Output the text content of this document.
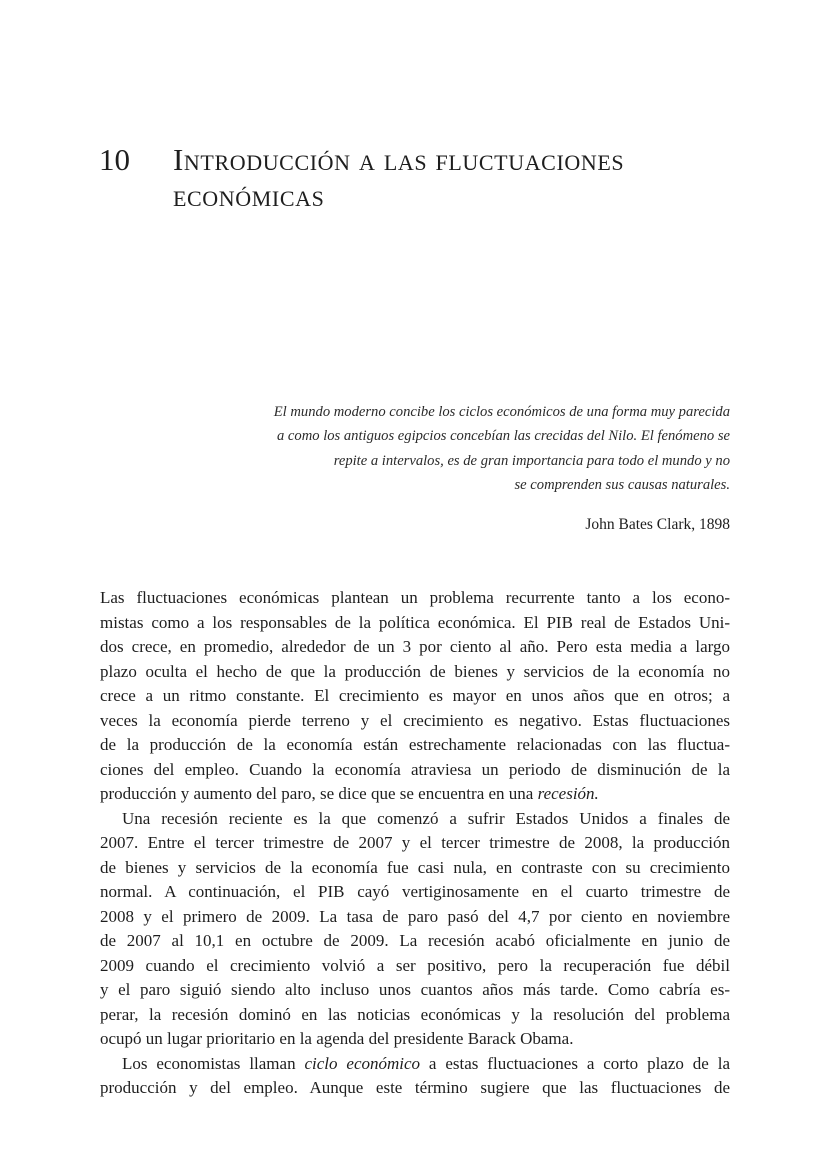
10 Introducción a las fluctuaciones
económicas
El mundo moderno concibe los ciclos económicos de una forma muy parecida
a como los antiguos egipcios concebían las crecidas del Nilo. El fenómeno se
repite a intervalos, es de gran importancia para todo el mundo y no
se comprenden sus causas naturales.
John Bates Clark, 1898
Las fluctuaciones económicas plantean un problema recurrente tanto a los econo-
mistas como a los responsables de la política económica. El PIB real de Estados Uni-
dos crece, en promedio, alrededor de un 3 por ciento al año. Pero esta media a largo
plazo oculta el hecho de que la producción de bienes y servicios de la economía no
crece a un ritmo constante. El crecimiento es mayor en unos años que en otros; a
veces la economía pierde terreno y el crecimiento es negativo. Estas fluctuaciones
de la producción de la economía están estrechamente relacionadas con las fluctua-
ciones del empleo. Cuando la economía atraviesa un periodo de disminución de la
producción y aumento del paro, se dice que se encuentra en una recesión.
Una recesión reciente es la que comenzó a sufrir Estados Unidos a finales de
2007. Entre el tercer trimestre de 2007 y el tercer trimestre de 2008, la producción
de bienes y servicios de la economía fue casi nula, en contraste con su crecimiento
normal. A continuación, el PIB cayó vertiginosamente en el cuarto trimestre de
2008 y el primero de 2009. La tasa de paro pasó del 4,7 por ciento en noviembre
de 2007 al 10,1 en octubre de 2009. La recesión acabó oficialmente en junio de
2009 cuando el crecimiento volvió a ser positivo, pero la recuperación fue débil
y el paro siguió siendo alto incluso unos cuantos años más tarde. Como cabría es-
perar, la recesión dominó en las noticias económicas y la resolución del problema
ocupó un lugar prioritario en la agenda del presidente Barack Obama.
Los economistas llaman ciclo económico a estas fluctuaciones a corto plazo de la
producción y del empleo. Aunque este término sugiere que las fluctuaciones de
